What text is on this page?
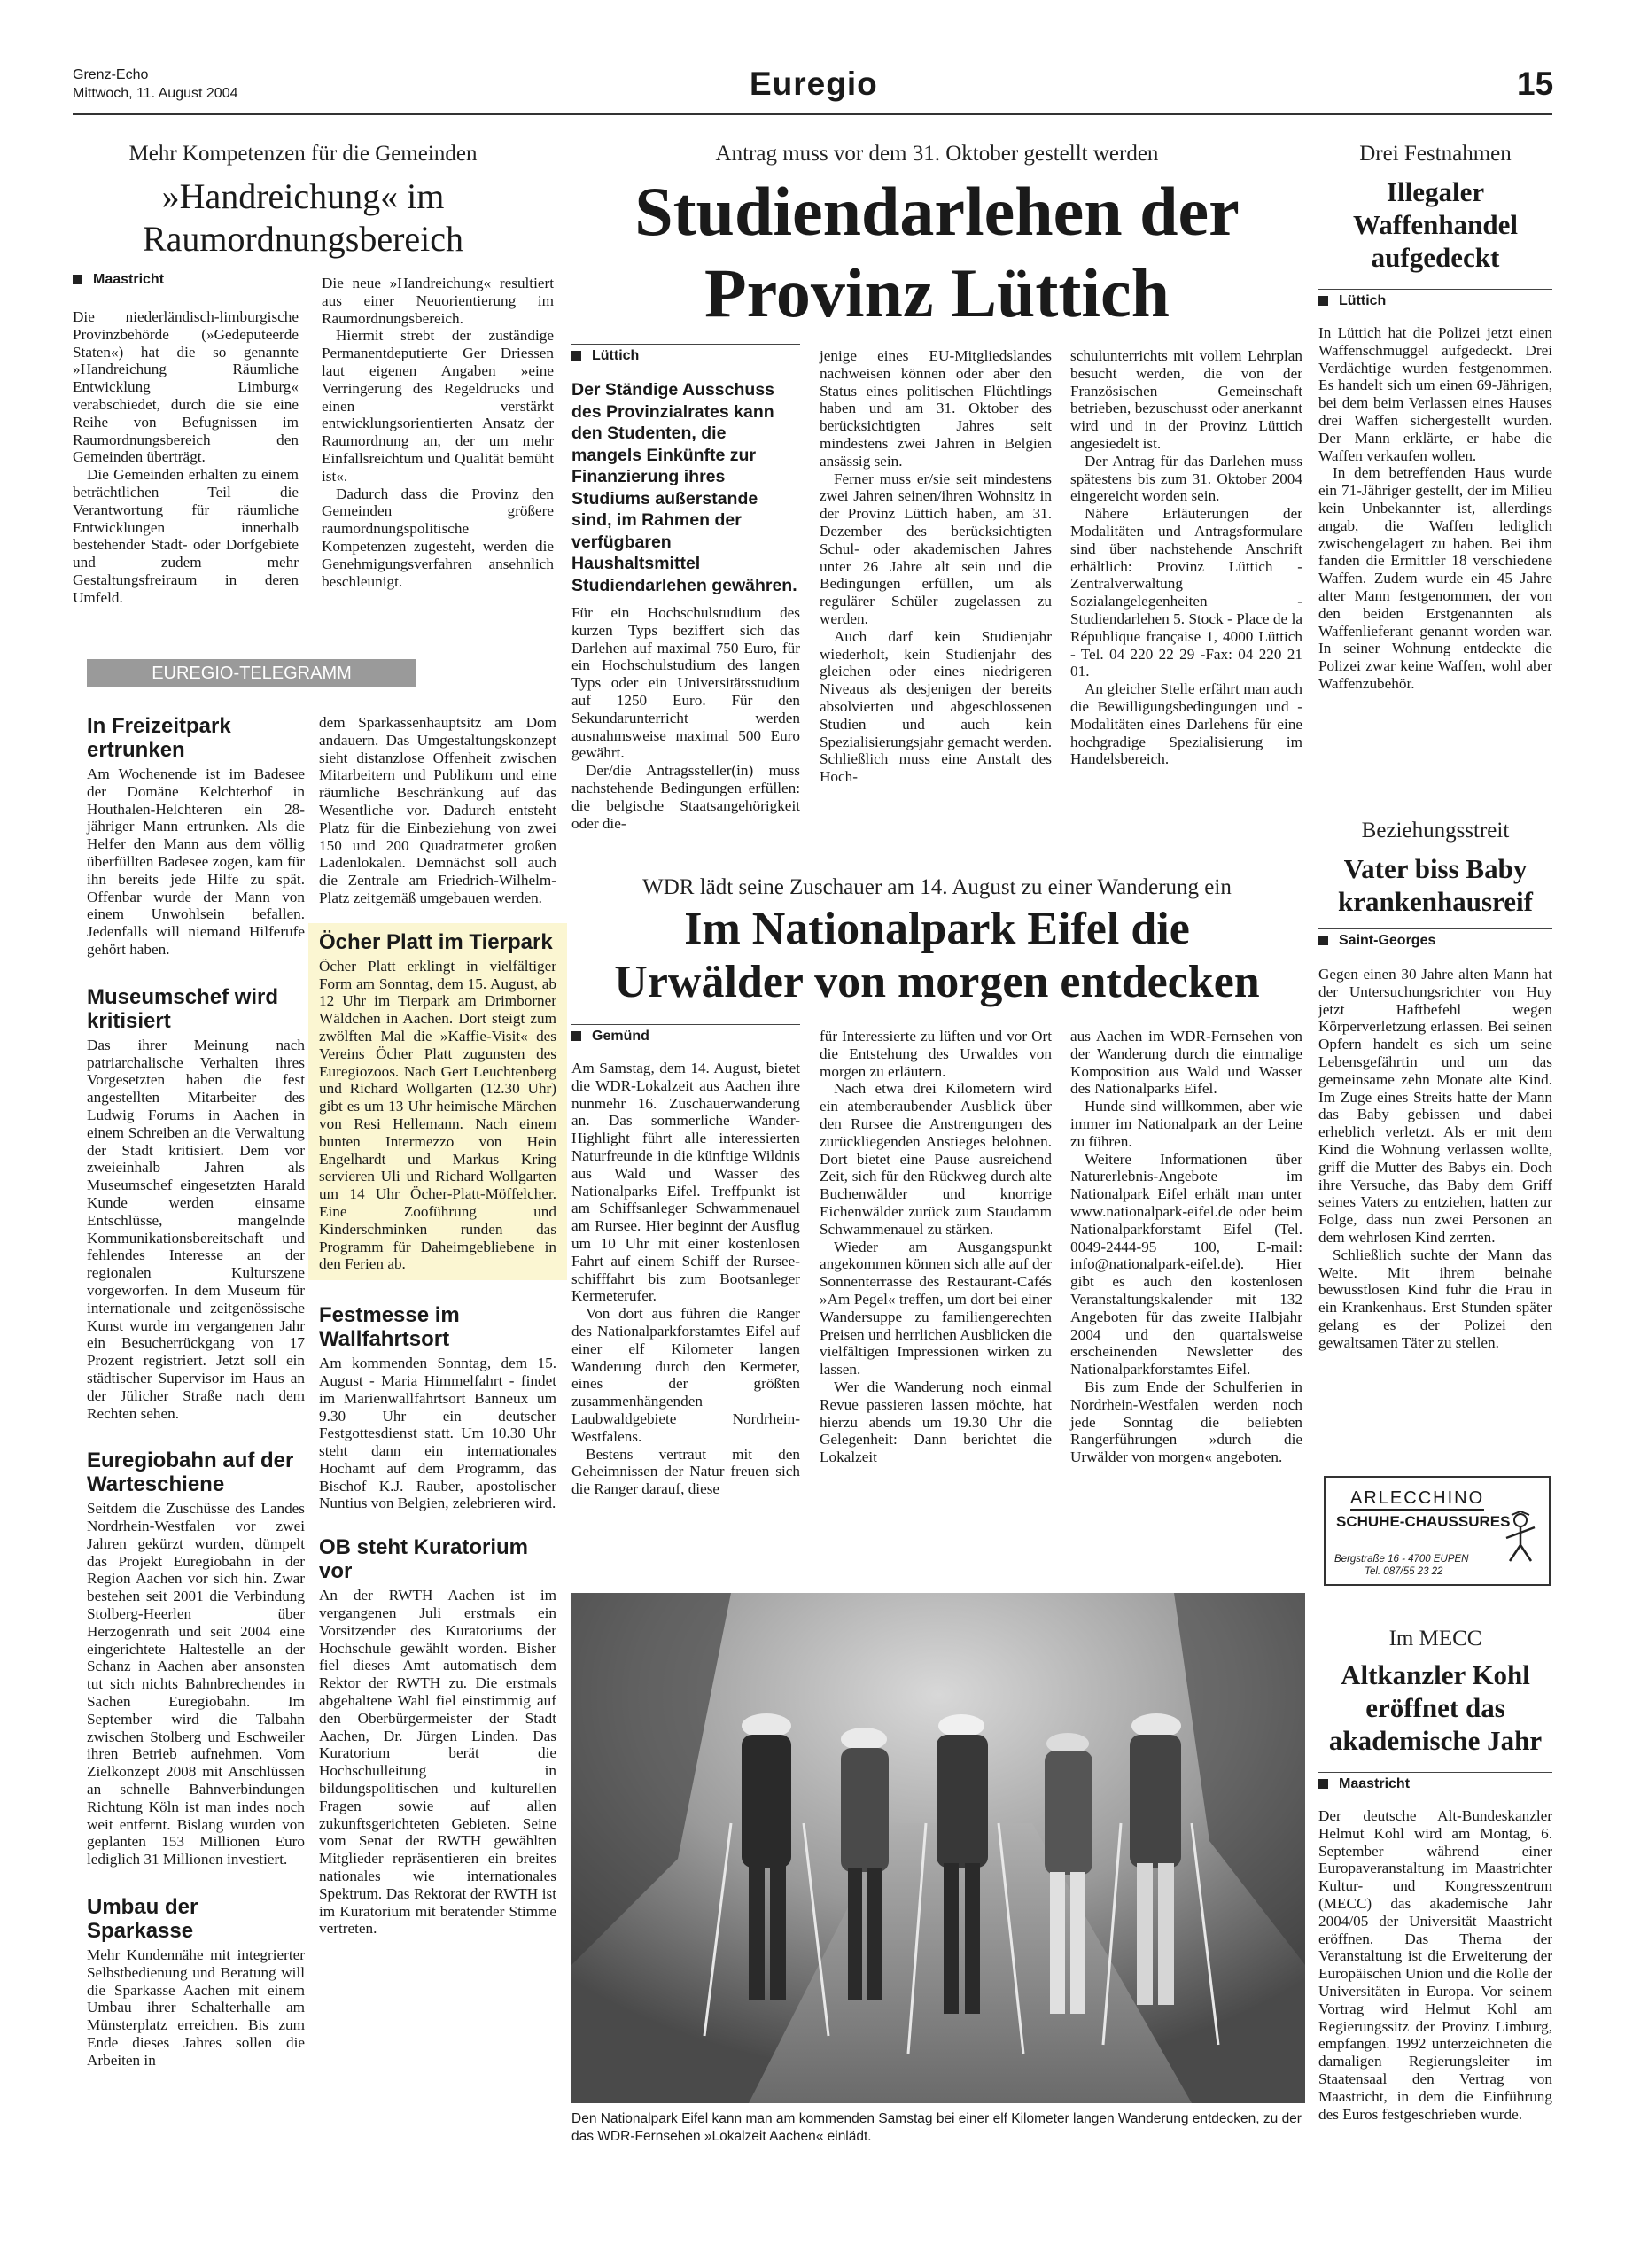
Grenz-Echo
Mittwoch, 11. August 2004	Euregio	15
Mehr Kompetenzen für die Gemeinden
»Handreichung« im Raumordnungsbereich
Maastricht

Die niederländisch-limburgische Provinzbehörde (»Gedeputeerde Staten«) hat die so genannte »Handreichung Räumliche Entwicklung Limburg« verabschiedet, durch die sie eine Reihe von Befugnissen im Raumordnungsbereich den Gemeinden überträgt.

Die Gemeinden erhalten zu einem beträchtlichen Teil die Verantwortung für räumliche Entwicklungen innerhalb bestehender Stadt- oder Dorfgebiete und zudem mehr Gestaltungsfreiraum in deren Umfeld.

Die neue »Handreichung« resultiert aus einer Neuorientierung im Raumordnungsbereich.

Hiermit strebt der zuständige Permanentdeputierte Ger Driessen laut eigenen Angaben »eine Verringerung des Regeldrucks und einen verstärkt entwicklungsorientierten Ansatz der Raumordnung an, der um mehr Einfallsreichtum und Qualität bemüht ist«.

Dadurch dass die Provinz den Gemeinden größere raumordnungspolitische Kompetenzen zugesteht, werden die Genehmigungsverfahren ansehnlich beschleunigt.

EUREGIO-TELEGRAMM
In Freizeitpark ertrunken

Am Wochenende ist im Badesee der Domäne Kelchterhof in Houthalen-Helchteren ein 28-jähriger Mann ertrunken. Als die Helfer den Mann aus dem völlig überfüllten Badesee zogen, kam für ihn bereits jede Hilfe zu spät. Offenbar wurde der Mann von einem Unwohlsein befallen. Jedenfalls will niemand Hilferufe gehört haben.

Museumschef wird kritisiert

Das ihrer Meinung nach patriarchalische Verhalten ihres Vorgesetzten haben die fest angestellten Mitarbeiter des Ludwig Forums in Aachen in einem Schreiben an die Verwaltung der Stadt kritisiert. Dem vor zweieinhalb Jahren als Museumschef eingesetzten Harald Kunde werden einsame Entschlüsse, mangelnde Kommunikationsbereitschaft und fehlendes Interesse an der regionalen Kulturszene vorgeworfen. In dem Museum für internationale und zeitgenössische Kunst wurde im vergangenen Jahr ein Besucherrückgang von 17 Prozent registriert. Jetzt soll ein städtischer Supervisor im Haus an der Jülicher Straße nach dem Rechten sehen.

Euregiobahn auf der Warteschiene

Seitdem die Zuschüsse des Landes Nordrhein-Westfalen vor zwei Jahren gekürzt wurden, dümpelt das Projekt Euregiobahn in der Region Aachen vor sich hin. Zwar bestehen seit 2001 die Verbindung Stolberg-Heerlen über Herzogenrath und seit 2004 eine eingerichtete Haltestelle an der Schanz in Aachen aber ansonsten tut sich nichts Bahnbrechendes in Sachen Euregiobahn. Im September wird die Talbahn zwischen Stolberg und Eschweiler ihren Betrieb aufnehmen. Vom Zielkonzept 2008 mit Anschlüssen an schnelle Bahnverbindungen Richtung Köln ist man indes noch weit entfernt. Bislang wurden von geplanten 153 Millionen Euro lediglich 31 Millionen investiert.

Umbau der Sparkasse

Mehr Kundennähe mit integrierter Selbstbedienung und Beratung will die Sparkasse Aachen mit einem Umbau ihrer Schalterhalle am Münsterplatz erreichen. Bis zum Ende dieses Jahres sollen die Arbeiten in

dem Sparkassenhauptsitz am Dom andauern. Das Umgestaltungskonzept sieht distanzlose Offenheit zwischen Mitarbeitern und Publikum und eine räumliche Beschränkung auf das Wesentliche vor. Dadurch entsteht Platz für die Einbeziehung von zwei 150 und 200 Quadratmeter großen Ladenlokalen. Demnächst soll auch die Zentrale am Friedrich-Wilhelm-Platz zeitgemäß umgebauen werden.

Öcher Platt im Tierpark

Öcher Platt erklingt in vielfältiger Form am Sonntag, dem 15. August, ab 12 Uhr im Tierpark am Drimborner Wäldchen in Aachen. Dort steigt zum zwölften Mal die »Kaffie-Visit« des Vereins Öcher Platt zugunsten des Euregiozoos. Nach Gert Leuchtenberg und Richard Wollgarten (12.30 Uhr) gibt es um 13 Uhr heimische Märchen von Resi Hellemann. Nach einem bunten Intermezzo von Hein Engelhardt und Markus Kring servieren Uli und Richard Wollgarten um 14 Uhr Öcher-Platt-Möffelcher. Eine Zooführung und Kinderschminken runden das Programm für Daheimgebliebene in den Ferien ab.

Festmesse im Wallfahrtsort

Am kommenden Sonntag, dem 15. August - Maria Himmelfahrt - findet im Marienwallfahrtsort Banneux um 9.30 Uhr ein deutscher Festgottesdienst statt. Um 10.30 Uhr steht dann ein internationales Hochamt auf dem Programm, das Bischof K.J. Rauber, apostolischer Nuntius von Belgien, zelebrieren wird.

OB steht Kuratorium vor

An der RWTH Aachen ist im vergangenen Juli erstmals ein Vorsitzender des Kuratoriums der Hochschule gewählt worden. Bisher fiel dieses Amt automatisch dem Rektor der RWTH zu. Die erstmals abgehaltene Wahl fiel einstimmig auf den Oberbürgermeister der Stadt Aachen, Dr. Jürgen Linden. Das Kuratorium berät die Hochschulleitung in bildungspolitischen und kulturellen Fragen sowie auf allen zukunftsgerichteten Gebieten. Seine vom Senat der RWTH gewählten Mitglieder repräsentieren ein breites nationales wie internationales Spektrum. Das Rektorat der RWTH ist im Kuratorium mit beratender Stimme vertreten.

Antrag muss vor dem 31. Oktober gestellt werden
Studiendarlehen der
Provinz Lüttich
Lüttich
Der Ständige Ausschuss des Provinzialrates kann den Studenten, die mangels Einkünfte zur Finanzierung ihres Studiums außerstande sind, im Rahmen der verfügbaren Haushaltsmittel Studiendarlehen gewähren.

Für ein Hochschulstudium des kurzen Typs beziffert sich das Darlehen auf maximal 750 Euro, für ein Hochschulstudium des langen Typs oder ein Universitätsstudium auf 1250 Euro. Für den Sekundarunterricht werden ausnahmsweise maximal 500 Euro gewährt.

Der/die Antragssteller(in) muss nachstehende Bedingungen erfüllen: die belgische Staatsangehörigkeit oder die-

jenige eines EU-Mitgliedslandes nachweisen können oder aber den Status eines politischen Flüchtlings haben und am 31. Oktober des berücksichtigten Jahres seit mindestens zwei Jahren in Belgien ansässig sein.

Ferner muss er/sie seit mindestens zwei Jahren seinen/ihren Wohnsitz in der Provinz Lüttich haben, am 31. Dezember des berücksichtigten Schul- oder akademischen Jahres unter 26 Jahre alt sein und die Bedingungen erfüllen, um als regulärer Schüler zugelassen zu werden.

Auch darf kein Studienjahr wiederholt, kein Studienjahr des gleichen oder eines niedrigeren Niveaus als desjenigen der bereits absolvierten und abgeschlossenen Studien und auch kein Spezialisierungsjahr gemacht werden. Schließlich muss eine Anstalt des Hoch-

schulunterrichts mit vollem Lehrplan besucht werden, die von der Französischen Gemeinschaft betrieben, bezuschusst oder anerkannt wird und in der Provinz Lüttich angesiedelt ist.

Der Antrag für das Darlehen muss spätestens bis zum 31. Oktober 2004 eingereicht worden sein.

Nähere Erläuterungen der Modalitäten und Antragsformulare sind über nachstehende Anschrift erhältlich: Provinz Lüttich - Zentralverwaltung Sozialangelegenheiten - Studiendarlehen 5. Stock - Place de la République française 1, 4000 Lüttich - Tel. 04 220 22 29 -Fax: 04 220 21 01.

An gleicher Stelle erfährt man auch die Bewilligungsbedingungen und -Modalitäten eines Darlehens für eine hochgradige Spezialisierung im Handelsbereich.

WDR lädt seine Zuschauer am 14. August zu einer Wanderung ein
Im Nationalpark Eifel die
Urwälder von morgen entdecken
Gemünd

Am Samstag, dem 14. August, bietet die WDR-Lokalzeit aus Aachen ihre nunmehr 16. Zuschauerwanderung an. Das sommerliche Wander-Highlight führt alle interessierten Naturfreunde in die künftige Wildnis aus Wald und Wasser des Nationalparks Eifel. Treffpunkt ist am Schiffsanleger Schwammenauel am Rursee. Hier beginnt der Ausflug um 10 Uhr mit einer kostenlosen Fahrt auf einem Schiff der Rursee-schifffahrt bis zum Bootsanleger Kermeterufer.

Von dort aus führen die Ranger des Nationalparkforstamtes Eifel auf einer elf Kilometer langen Wanderung durch den Kermeter, eines der größten zusammenhängenden Laubwaldgebiete Nordrhein-Westfalens.

Bestens vertraut mit den Geheimnissen der Natur freuen sich die Ranger darauf, diese

für Interessierte zu lüften und vor Ort die Entstehung des Urwaldes von morgen zu erläutern.

Nach etwa drei Kilometern wird ein atemberaubender Ausblick über den Rursee die Anstrengungen des zurückliegenden Anstieges belohnen. Dort bietet eine Pause ausreichend Zeit, sich für den Rückweg durch alte Buchenwälder und knorrige Eichenwälder zurück zum Staudamm Schwammenauel zu stärken.

Wieder am Ausgangspunkt angekommen können sich alle auf der Sonnenterrasse des Restaurant-Cafés »Am Pegel« treffen, um dort bei einer Wandersuppe zu familiengerechten Preisen und herrlichen Ausblicken die vielfältigen Impressionen wirken zu lassen.

Wer die Wanderung noch einmal Revue passieren lassen möchte, hat hierzu abends um 19.30 Uhr die Gelegenheit: Dann berichtet die Lokalzeit

aus Aachen im WDR-Fernsehen von der Wanderung durch die einmalige Komposition aus Wald und Wasser des Nationalparks Eifel.

Hunde sind willkommen, aber wie immer im Nationalpark an der Leine zu führen.

Weitere Informationen über Naturerlebnis-Angebote im Nationalpark Eifel erhält man unter www.nationalpark-eifel.de oder beim Nationalparkforstamt Eifel (Tel. 0049-2444-95 100, E-mail: info@nationalpark-eifel.de). Hier gibt es auch den kostenlosen Veranstaltungskalender mit 132 Angeboten für das zweite Halbjahr 2004 und den quartalsweise erscheinenden Newsletter des Nationalparkforstamtes Eifel.

Bis zum Ende der Schulferien in Nordrhein-Westfalen werden noch jede Sonntag die beliebten Rangerführungen »durch die Urwälder von morgen« angeboten.

Den Nationalpark Eifel kann man am kommenden Samstag bei einer elf Kilometer langen Wanderung entdecken, zu der das WDR-Fernsehen »Lokalzeit Aachen« einlädt.
Drei Festnahmen
Illegaler Waffenhandel aufgedeckt
Lüttich

In Lüttich hat die Polizei jetzt einen Waffenschmuggel aufgedeckt. Drei Verdächtige wurden festgenommen. Es handelt sich um einen 69-Jährigen, bei dem beim Verlassen eines Hauses drei Waffen sichergestellt wurden. Der Mann erklärte, er habe die Waffen verkaufen wollen.

In dem betreffenden Haus wurde ein 71-Jähriger gestellt, der im Milieu kein Unbekannter ist, allerdings angab, die Waffen lediglich zwischengelagert zu haben. Bei ihm fanden die Ermittler 18 verschiedene Waffen. Zudem wurde ein 45 Jahre alter Mann festgenommen, der von den beiden Erstgenannten als Waffenlieferant genannt worden war. In seiner Wohnung entdeckte die Polizei zwar keine Waffen, wohl aber Waffenzubehör.

Beziehungsstreit
Vater biss Baby krankenhausreif
Saint-Georges

Gegen einen 30 Jahre alten Mann hat der Untersuchungsrichter von Huy jetzt Haftbefehl wegen Körperverletzung erlassen. Bei seinen Opfern handelt es sich um seine Lebensgefährtin und um das gemeinsame zehn Monate alte Kind. Im Zuge eines Streits hatte der Mann das Baby gebissen und dabei erheblich verletzt. Als er mit dem Kind die Wohnung verlassen wollte, griff die Mutter des Babys ein. Doch ihre Versuche, das Baby dem Griff seines Vaters zu entziehen, hatten zur Folge, dass nun zwei Personen an dem wehrlosen Kind zerrten.

Schließlich suchte der Mann das Weite. Mit ihrem beinahe bewusstlosen Kind fuhr die Frau in ein Krankenhaus. Erst Stunden später gelang es der Polizei den gewaltsamen Täter zu stellen.

ARLECCHINO
SCHUHE-CHAUSSURES
Bergstraße 16 - 4700 EUPEN
Tel. 087/55 23 22
Im MECC
Altkanzler Kohl eröffnet das akademische Jahr
Maastricht

Der deutsche Alt-Bundeskanzler Helmut Kohl wird am Montag, 6. September während einer Europaveranstaltung im Maastrichter Kultur- und Kongresszentrum (MECC) das akademische Jahr 2004/05 der Universität Maastricht eröffnen. Das Thema der Veranstaltung ist die Erweiterung der Europäischen Union und die Rolle der Universitäten in Europa. Vor seinem Vortrag wird Helmut Kohl am Regierungssitz der Provinz Limburg, empfangen. 1992 unterzeichneten die damaligen Regierungsleiter im Staatensaal den Vertrag von Maastricht, in dem die Einführung des Euros festgeschrieben wurde.
